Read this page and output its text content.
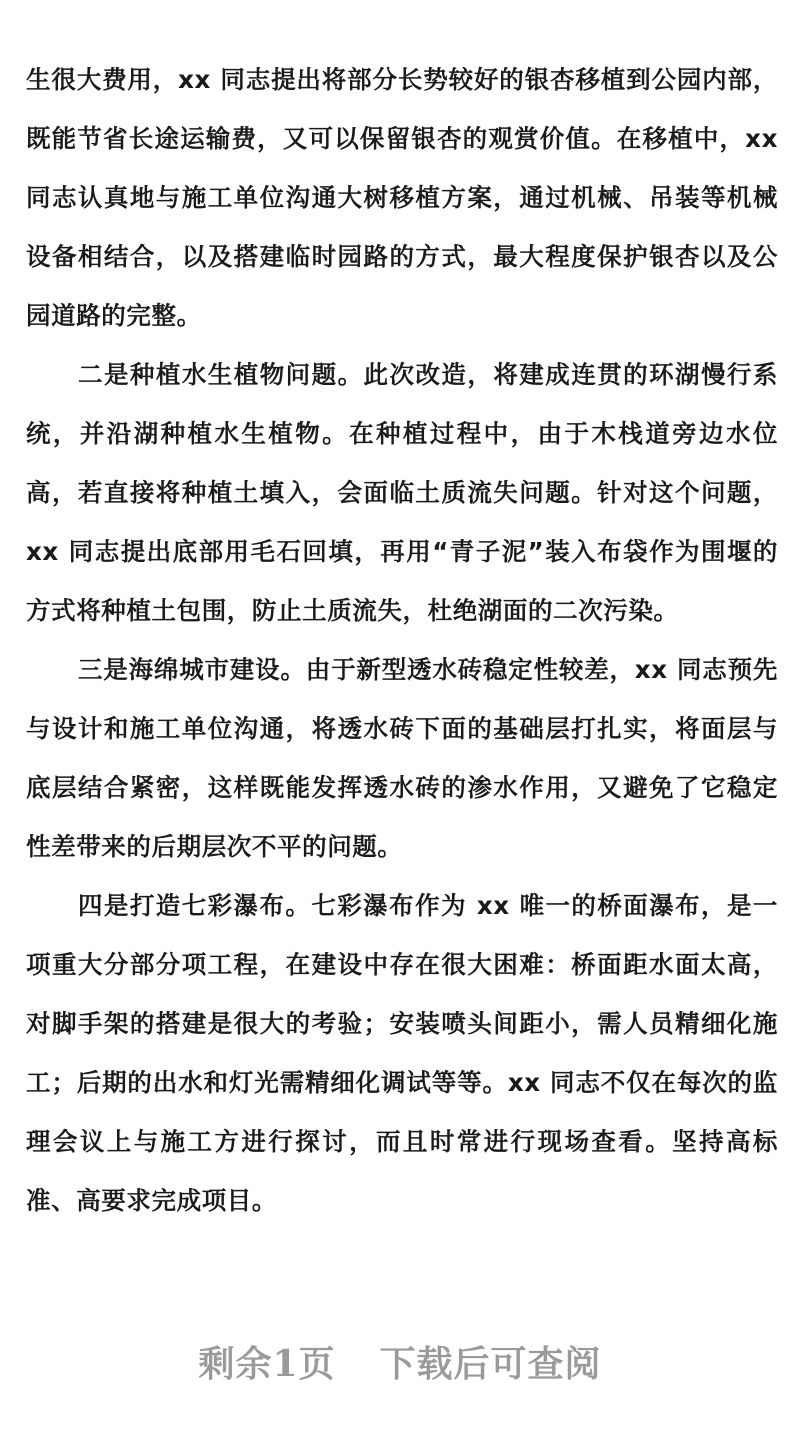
生很大费用，xx 同志提出将部分长势较好的银杏移植到公园内部，既能节省长途运输费，又可以保留银杏的观赏价值。在移植中，xx 同志认真地与施工单位沟通大树移植方案，通过机械、吊装等机械设备相结合，以及搭建临时园路的方式，最大程度保护银杏以及公园道路的完整。

二是种植水生植物问题。此次改造，将建成连贯的环湖慢行系统，并沿湖种植水生植物。在种植过程中，由于木栈道旁边水位高，若直接将种植土填入，会面临土质流失问题。针对这个问题，xx 同志提出底部用毛石回填，再用“青子泥”装入布袋作为围堰的方式将种植土包围，防止土质流失，杜绝湖面的二次污染。

三是海绵城市建设。由于新型透水砖稳定性较差，xx 同志预先与设计和施工单位沟通，将透水砖下面的基础层打扎实，将面层与底层结合紧密，这样既能发挥透水砖的渗水作用，又避免了它稳定性差带来的后期层次不平的问题。

四是打造七彩瀑布。七彩瀑布作为 xx 唯一的桥面瀑布，是一项重大分部分项工程，在建设中存在很大困难：桥面距水面太高，对脚手架的搭建是很大的考验；安装喷头间距小，需人员精细化施工；后期的出水和灯光需精细化调试等等。xx 同志不仅在每次的监理会议上与施工方进行探讨，而且时常进行现场查看。坚持高标准、高要求完成项目。

剩余1页 下载后可查阅
